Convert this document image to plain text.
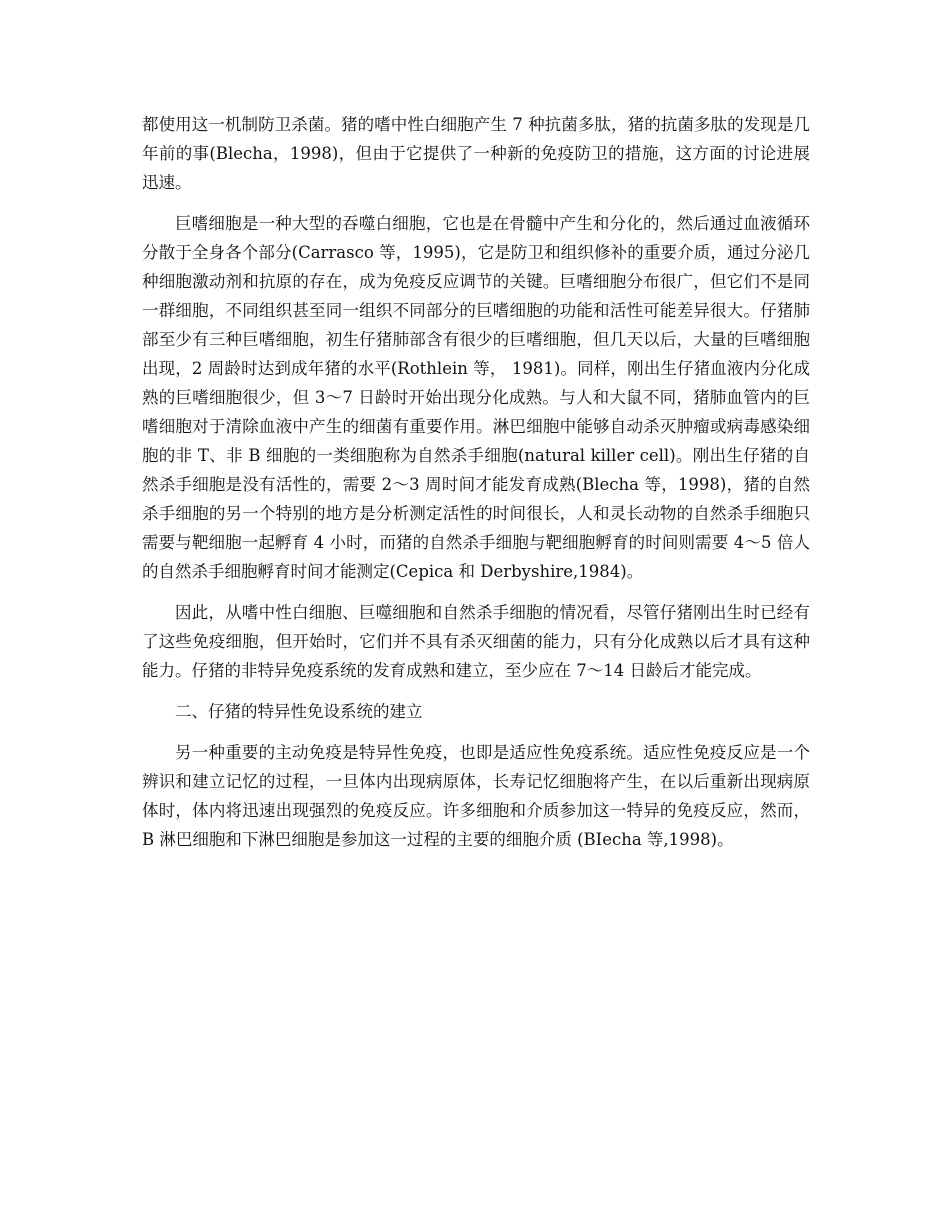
都使用这一机制防卫杀菌。猪的嗜中性白细胞产生 7 种抗菌多肽，猪的抗菌多肽的发现是几年前的事(Blecha，1998)，但由于它提供了一种新的免疫防卫的措施，这方面的讨论进展迅速。

巨嗜细胞是一种大型的吞噬白细胞，它也是在骨髓中产生和分化的，然后通过血液循环分散于全身各个部分(Carrasco 等，1995)，它是防卫和组织修补的重要介质，通过分泌几种细胞激动剂和抗原的存在，成为免疫反应调节的关键。巨嗜细胞分布很广，但它们不是同一群细胞，不同组织甚至同一组织不同部分的巨嗜细胞的功能和活性可能差异很大。仔猪肺部至少有三种巨嗜细胞，初生仔猪肺部含有很少的巨嗜细胞，但几天以后，大量的巨嗜细胞出现，2 周龄时达到成年猪的水平(Rothlein 等， 1981)。同样，刚出生仔猪血液内分化成熟的巨嗜细胞很少，但 3～7 日龄时开始出现分化成熟。与人和大鼠不同，猪肺血管内的巨嗜细胞对于清除血液中产生的细菌有重要作用。淋巴细胞中能够自动杀灭肿瘤或病毒感染细胞的非 T、非 B 细胞的一类细胞称为自然杀手细胞(natural killer cell)。刚出生仔猪的自然杀手细胞是没有活性的，需要 2～3 周时间才能发育成熟(Blecha 等，1998)，猪的自然杀手细胞的另一个特别的地方是分析测定活性的时间很长，人和灵长动物的自然杀手细胞只需要与靶细胞一起孵育 4 小时，而猪的自然杀手细胞与靶细胞孵育的时间则需要 4～5 倍人的自然杀手细胞孵育时间才能测定(Cepica 和 Derbyshire,1984)。

因此，从嗜中性白细胞、巨噬细胞和自然杀手细胞的情况看，尽管仔猪刚出生时已经有了这些免疫细胞，但开始时，它们并不具有杀灭细菌的能力，只有分化成熟以后才具有这种能力。仔猪的非特异免疫系统的发育成熟和建立，至少应在 7～14 日龄后才能完成。

二、仔猪的特异性免设系统的建立

另一种重要的主动免疫是特异性免疫，也即是适应性免疫系统。适应性免疫反应是一个辨识和建立记忆的过程，一旦体内出现病原体，长寿记忆细胞将产生，在以后重新出现病原体时，体内将迅速出现强烈的免疫反应。许多细胞和介质参加这一特异的免疫反应，然而，B 淋巴细胞和下淋巴细胞是参加这一过程的主要的细胞介质 (BIecha 等,1998)。
